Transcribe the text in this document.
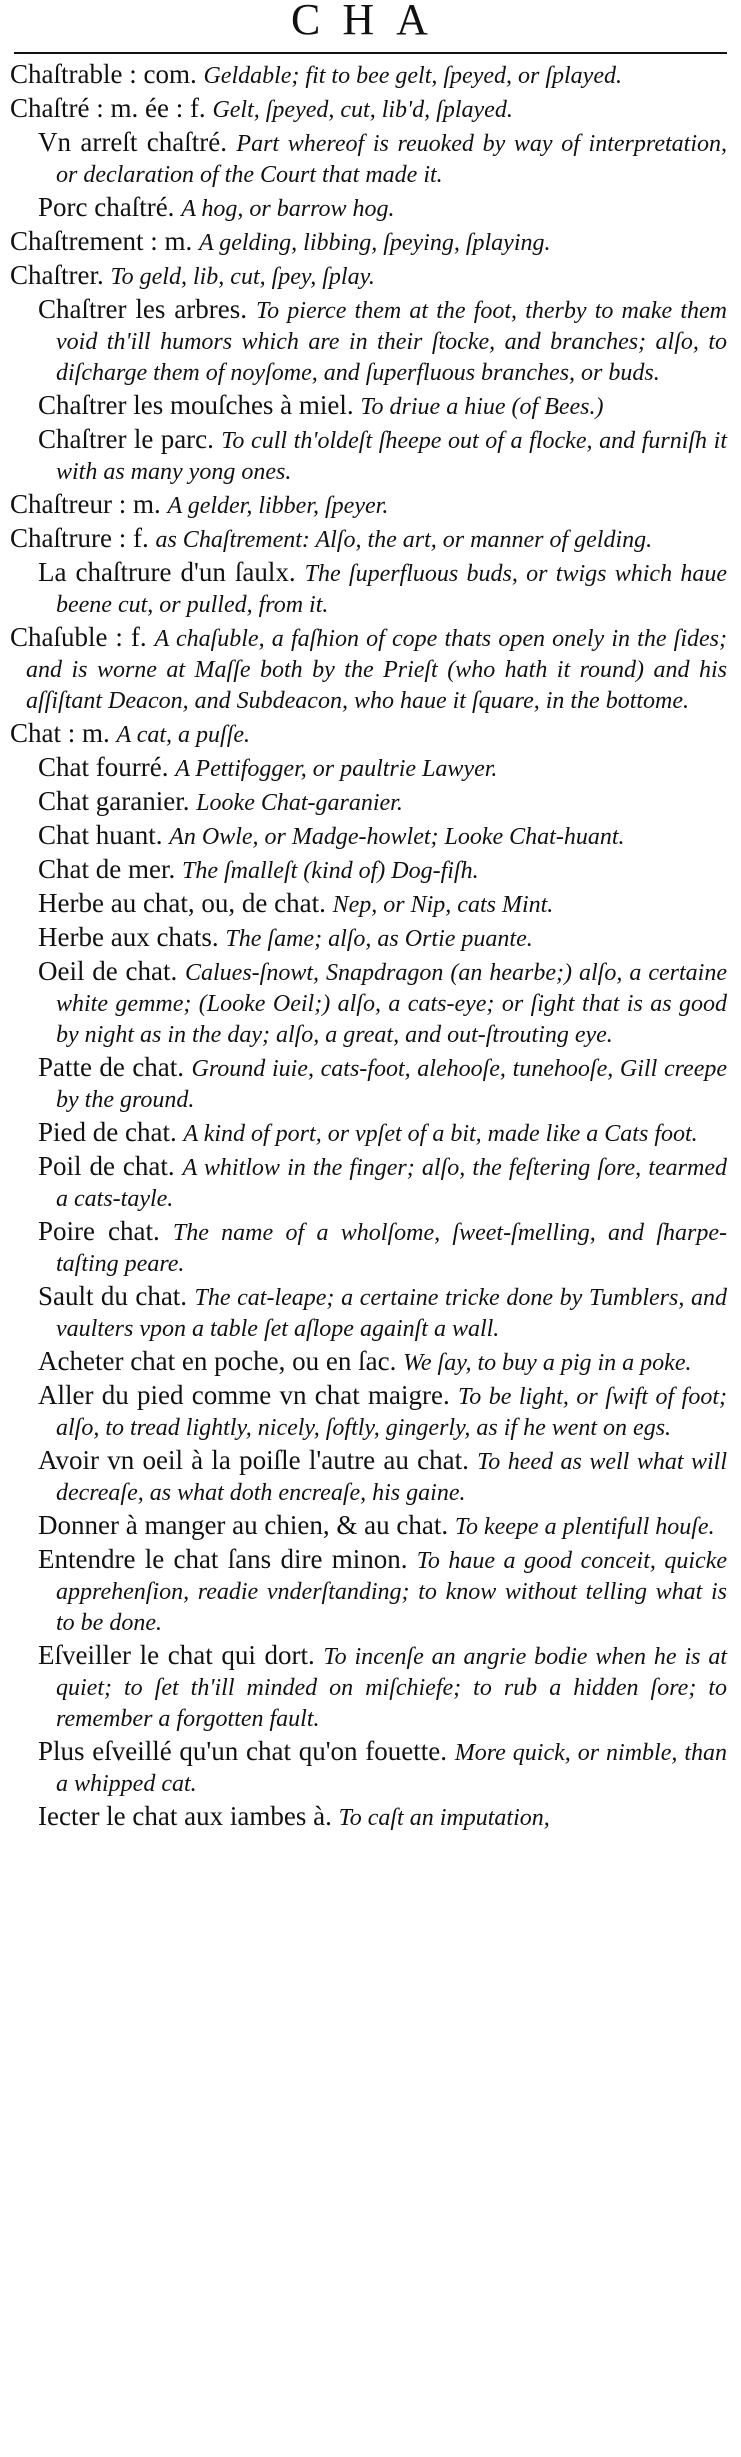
CHA
Chaſtrable : com. Geldable; fit to bee gelt, ſpeyed, or ſplayed.
Chaſtré : m. ée : f. Gelt, ſpeyed, cut, lib'd, ſplayed.
Vn arreſt chaſtré. Part whereof is reuoked by way of interpretation, or declaration of the Court that made it.
Porc chaſtré. A hog, or barrow hog.
Chaſtrement : m. A gelding, libbing, ſpeying, ſplaying.
Chaſtrer. To geld, lib, cut, ſpey, ſplay.
Chaſtrer les arbres. To pierce them at the foot, therby to make them void th'ill humors which are in their ſtocke, and branches; alſo, to diſcharge them of noyſome, and ſuperfluous branches, or buds.
Chaſtrer les mouſches à miel. To driue a hiue (of Bees.)
Chaſtrer le parc. To cull th'oldeſt ſheepe out of a flocke, and furniſh it with as many yong ones.
Chaſtreur : m. A gelder, libber, ſpeyer.
Chaſtrure : f. as Chaſtrement: Alſo, the art, or manner of gelding.
La chaſtrure d'un ſaulx. The ſuperfluous buds, or twigs which haue beene cut, or pulled, from it.
Chaſuble : f. A chaſuble, a faſhion of cope thats open onely in the ſides; and is worne at Maſſe both by the Prieſt (who hath it round) and his aſſiſtant Deacon, and Subdeacon, who haue it ſquare, in the bottome.
Chat : m. A cat, a puſſe.
Chat fourré. A Pettifogger, or paultrie Lawyer.
Chat garanier. Looke Chat-garanier.
Chat huant. An Owle, or Madge-howlet; Looke Chat-huant.
Chat de mer. The ſmalleſt (kind of) Dog-fiſh.
Herbe au chat, ou, de chat. Nep, or Nip, cats Mint.
Herbe aux chats. The ſame; alſo, as Ortie puante.
Oeil de chat. Calues-ſnowt, Snapdragon (an hearbe;) alſo, a certaine white gemme; (Looke Oeil;) alſo, a cats-eye; or ſight that is as good by night as in the day; alſo, a great, and out-ſtrouting eye.
Patte de chat. Ground iuie, cats-foot, alehooſe, tunehooſe, Gill creepe by the ground.
Pied de chat. A kind of port, or vpſet of a bit, made like a Cats foot.
Poil de chat. A whitlow in the finger; alſo, the feſtering ſore, tearmed a cats-tayle.
Poire chat. The name of a wholſome, ſweet-ſmelling, and ſharpe-taſting peare.
Sault du chat. The cat-leape; a certaine tricke done by Tumblers, and vaulters vpon a table ſet aſlope againſt a wall.
Acheter chat en poche, ou en ſac. We ſay, to buy a pig in a poke.
Aller du pied comme vn chat maigre. To be light, or ſwift of foot; alſo, to tread lightly, nicely, ſoftly, gingerly, as if he went on egs.
Avoir vn oeil à la poiſle l'autre au chat. To heed as well what will decreaſe, as what doth encreaſe, his gaine.
Donner à manger au chien, & au chat. To keepe a plentifull houſe.
Entendre le chat ſans dire minon. To haue a good conceit, quicke apprehenſion, readie vnderſtanding; to know without telling what is to be done.
Eſveiller le chat qui dort. To incenſe an angrie bodie when he is at quiet; to ſet th'ill minded on miſchiefe; to rub a hidden ſore; to remember a forgotten fault.
Plus eſveillé qu'un chat qu'on fouette. More quick, or nimble, than a whipped cat.
Iecter le chat aux iambes à. To caſt an imputation,
